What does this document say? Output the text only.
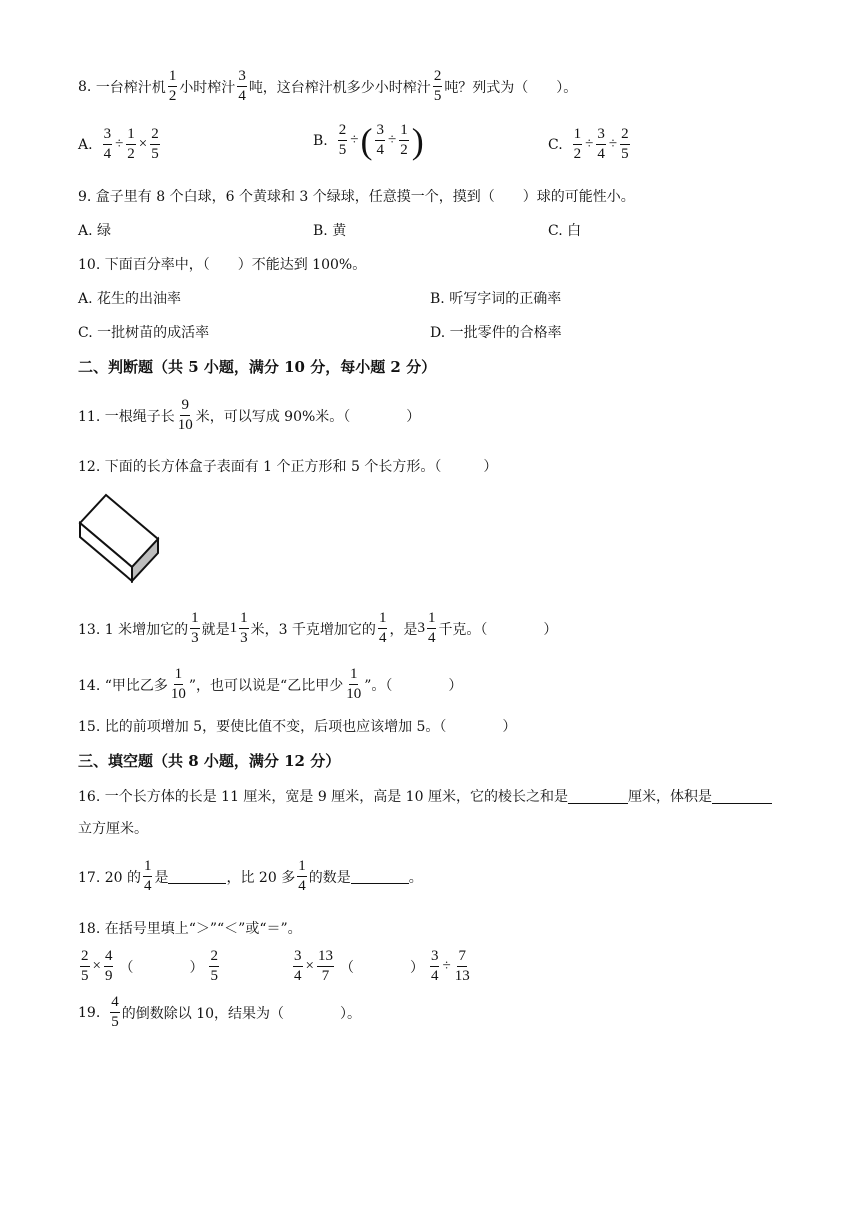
8.
一台榨汁机 $\frac{1}{2}$ 小时榨汁 $\frac{3}{4}$ 吨，这台榨汁机多少小时榨汁 $\frac{2}{5}$ 吨？列式为（　　）。
A. $\frac{3}{4} \div \frac{1}{2} \times \frac{2}{5}$	B. $\frac{2}{5}$ ÷ ( $\frac{3}{4} \div \frac{1}{2}$ )	C. $\frac{1}{2} \div \frac{3}{4} \div \frac{2}{5}$
9. 盒子里有 8 个白球，6 个黄球和 3 个绿球，任意摸一个，摸到（　　）球的可能性小。
A. 绿	B. 黄	C. 白
10. 下面百分率中，（　　）不能达到 100%。
A. 花生的出油率	B. 听写字词的正确率
C. 一批树苗的成活率	D. 一批零件的合格率
二、判断题（共 5 小题，满分 10 分，每小题 2 分）
11. 一根绳子长 $\frac{9}{10}$ 米，可以写成 90%米。（　　　　）
12. 下面的长方体盒子表面有 1 个正方形和 5 个长方形。（　　　）
13. 1 米增加它的 $\frac{1}{3}$ 就是 $1 \frac{1}{3}$ 米，3 千克增加它的 $\frac{1}{4}$ ，是 $3 \frac{1}{4}$ 千克。（　　　　）
14. “甲比乙多 $\frac{1}{10}$ ”，也可以说是“乙比甲少 $\frac{1}{10}$ ”。（　　　　）
15. 比的前项增加 5，要使比值不变，后项也应该增加 5。（　　　　）
三、填空题（共 8 小题，满分 12 分）
16. 一个长方体的长是 11 厘米，宽是 9 厘米，高是 10 厘米，它的棱长之和是	厘米，体积是
立方厘米。
17. 20 的 $\frac{1}{4}$ 是	，比 20 多 $\frac{1}{4}$ 的数是	。
18. 在括号里填上“＞”“＜”或“＝”。
$\frac{2}{5} \times \frac{4}{9}$ （　　　　） $\frac{2}{5}$	$\frac{3}{4} \times \frac{13}{7}$ （　　　　） $\frac{3}{4} \div \frac{7}{13}$
19. $\frac{4}{5}$ 的倒数除以 10，结果为（　　　　）。
